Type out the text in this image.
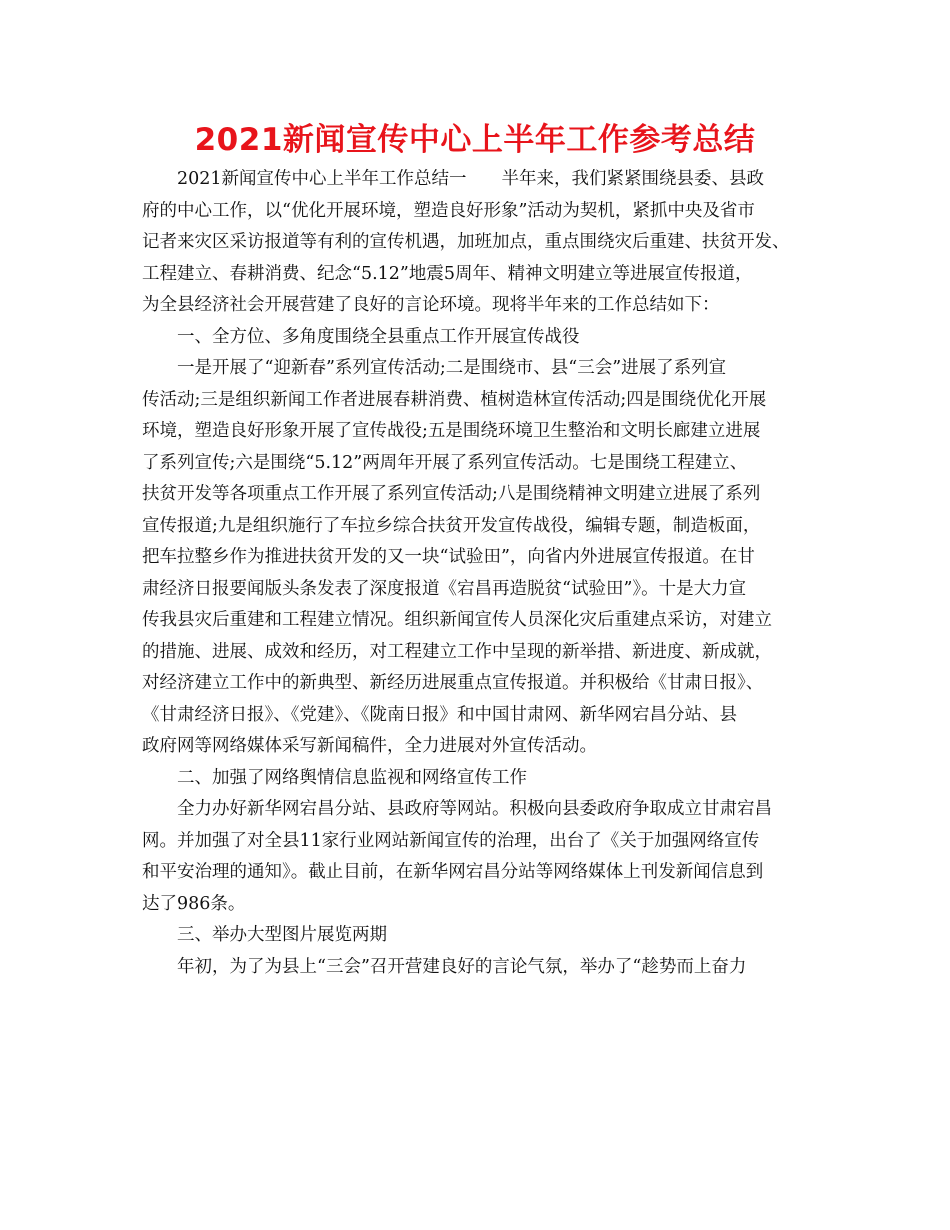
2021新闻宣传中心上半年工作参考总结
2021新闻宣传中心上半年工作总结一　　半年来，我们紧紧围绕县委、县政
府的中心工作，以“优化开展环境，塑造良好形象”活动为契机，紧抓中央及省市
记者来灾区采访报道等有利的宣传机遇，加班加点，重点围绕灾后重建、扶贫开发、
工程建立、春耕消费、纪念“5.12”地震5周年、精神文明建立等进展宣传报道，
为全县经济社会开展营建了良好的言论环境。现将半年来的工作总结如下：
一、全方位、多角度围绕全县重点工作开展宣传战役
一是开展了“迎新春”系列宣传活动;二是围绕市、县“三会”进展了系列宣
传活动;三是组织新闻工作者进展春耕消费、植树造林宣传活动;四是围绕优化开展
环境，塑造良好形象开展了宣传战役;五是围绕环境卫生整治和文明长廊建立进展
了系列宣传;六是围绕“5.12”两周年开展了系列宣传活动。七是围绕工程建立、
扶贫开发等各项重点工作开展了系列宣传活动;八是围绕精神文明建立进展了系列
宣传报道;九是组织施行了车拉乡综合扶贫开发宣传战役，编辑专题，制造板面，
把车拉整乡作为推进扶贫开发的又一块“试验田”，向省内外进展宣传报道。在甘
肃经济日报要闻版头条发表了深度报道《宕昌再造脱贫“试验田”》。十是大力宣
传我县灾后重建和工程建立情况。组织新闻宣传人员深化灾后重建点采访，对建立
的措施、进展、成效和经历，对工程建立工作中呈现的新举措、新进度、新成就，
对经济建立工作中的新典型、新经历进展重点宣传报道。并积极给《甘肃日报》、
《甘肃经济日报》、《党建》、《陇南日报》和中国甘肃网、新华网宕昌分站、县
政府网等网络媒体采写新闻稿件，全力进展对外宣传活动。
二、加强了网络舆情信息监视和网络宣传工作
全力办好新华网宕昌分站、县政府等网站。积极向县委政府争取成立甘肃宕昌
网。并加强了对全县11家行业网站新闻宣传的治理，出台了《关于加强网络宣传
和平安治理的通知》。截止目前，在新华网宕昌分站等网络媒体上刊发新闻信息到
达了986条。
三、举办大型图片展览两期
年初，为了为县上“三会”召开营建良好的言论气氛，举办了“趁势而上奋力
